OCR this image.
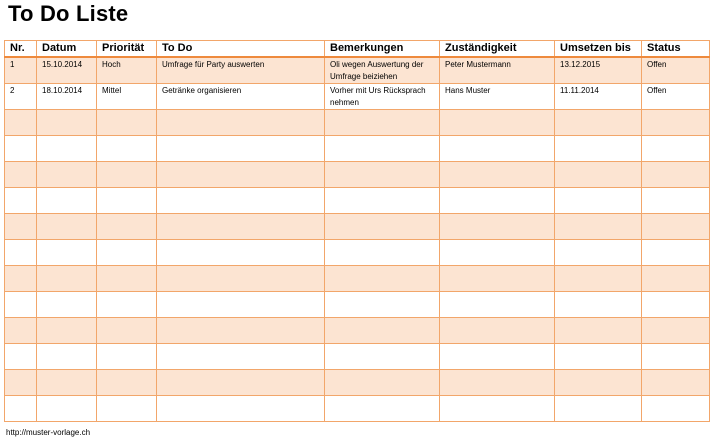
To Do Liste
Nr.	Datum	Priorität	To Do	Bemerkungen	Zuständigkeit	Umsetzen bis	Status
1	15.10.2014	Hoch	Umfrage für Party auswerten	Oli wegen Auswertung der Umfrage beiziehen	Peter Mustermann	13.12.2015	Offen
2	18.10.2014	Mittel	Getränke organisieren	Vorher mit Urs Rücksprach nehmen	Hans Muster	11.11.2014	Offen

http://muster-vorlage.ch
